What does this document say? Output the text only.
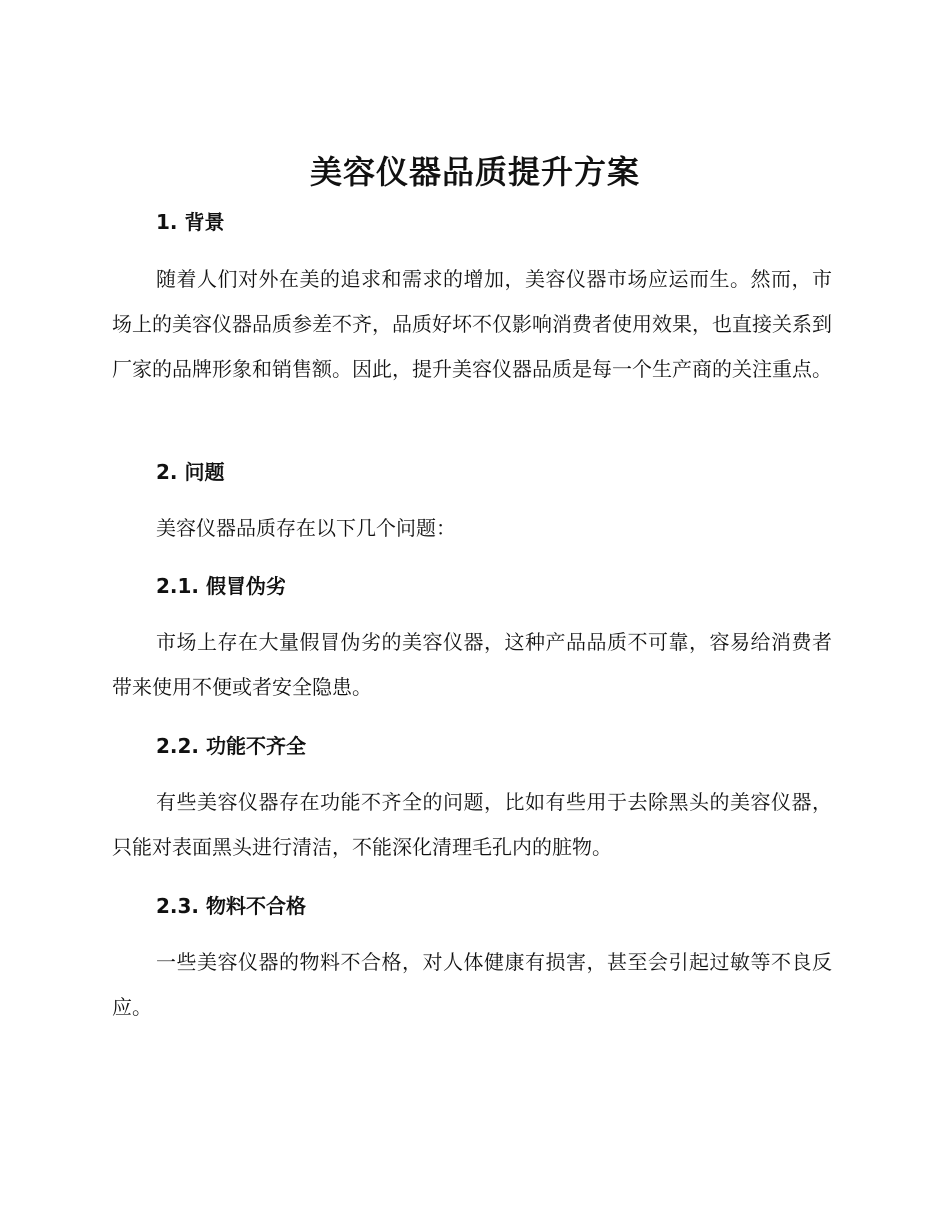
美容仪器品质提升方案
1. 背景

随着人们对外在美的追求和需求的增加，美容仪器市场应运而生。然而，市场上的美容仪器品质参差不齐，品质好坏不仅影响消费者使用效果，也直接关系到厂家的品牌形象和销售额。因此，提升美容仪器品质是每一个生产商的关注重点。

2. 问题

美容仪器品质存在以下几个问题：

2.1. 假冒伪劣

市场上存在大量假冒伪劣的美容仪器，这种产品品质不可靠，容易给消费者带来使用不便或者安全隐患。

2.2. 功能不齐全

有些美容仪器存在功能不齐全的问题，比如有些用于去除黑头的美容仪器，只能对表面黑头进行清洁，不能深化清理毛孔内的脏物。

2.3. 物料不合格

一些美容仪器的物料不合格，对人体健康有损害，甚至会引起过敏等不良反应。
